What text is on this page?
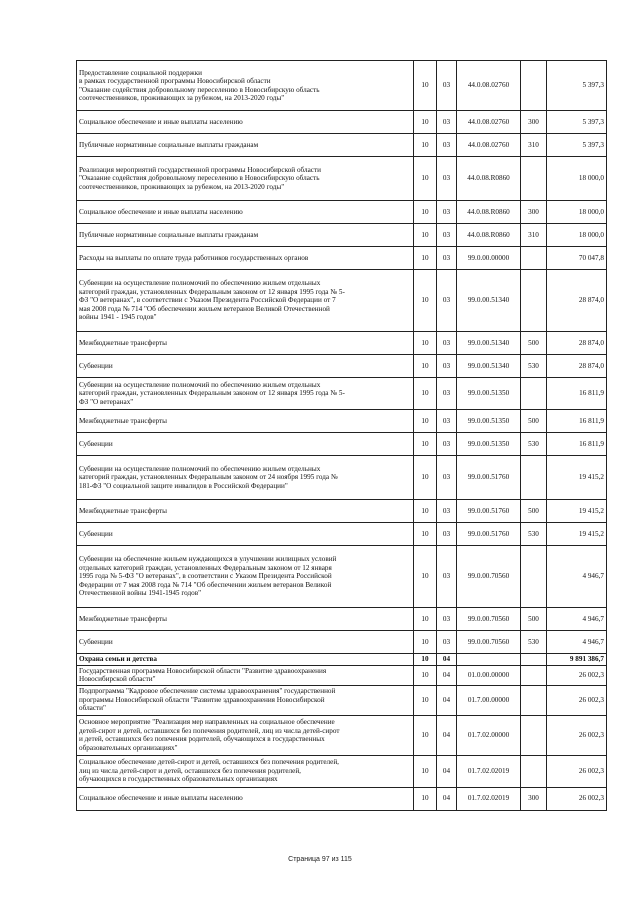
Предоставление социальной поддержки
в рамках государственной программы Новосибирской области
"Оказание содействия добровольному переселению в Новосибирскую область
соотечественников, проживающих за рубежом, на 2013-2020 годы"	10	03	44.0.08.02760		5 397,3
Социальное обеспечение и иные выплаты населению	10	03	44.0.08.02760	300	5 397,3
Публичные нормативные социальные выплаты гражданам	10	03	44.0.08.02760	310	5 397,3
Реализация мероприятий государственной программы Новосибирской области
"Оказание содействия добровольному переселению в Новосибирскую область
соотечественников, проживающих за рубежом, на 2013-2020 годы"	10	03	44.0.08.R0860		18 000,0
Социальное обеспечение и иные выплаты населению	10	03	44.0.08.R0860	300	18 000,0
Публичные нормативные социальные выплаты гражданам	10	03	44.0.08.R0860	310	18 000,0
Расходы на выплаты по оплате труда работников государственных органов	10	03	99.0.00.00000		70 047,8
Субвенции на осуществление полномочий по обеспечению жильем отдельных
категорий граждан, установленных Федеральным законом от 12 января 1995 года № 5-
ФЗ "О ветеранах", в соответствии с Указом Президента Российской Федерации от 7
мая 2008 года № 714 "Об обеспечении жильем ветеранов Великой Отечественной
войны 1941 - 1945 годов"	10	03	99.0.00.51340		28 874,0
Межбюджетные трансферты	10	03	99.0.00.51340	500	28 874,0
Субвенции	10	03	99.0.00.51340	530	28 874,0
Субвенции на осуществление полномочий по обеспечению жильем отдельных
категорий граждан, установленных Федеральным законом от 12 января 1995 года № 5-
ФЗ "О ветеранах"	10	03	99.0.00.51350		16 811,9
Межбюджетные трансферты	10	03	99.0.00.51350	500	16 811,9
Субвенции	10	03	99.0.00.51350	530	16 811,9
Субвенции на осуществление полномочий по обеспечению жильем отдельных
категорий граждан, установленных Федеральным законом от 24 ноября 1995 года №
181-ФЗ "О социальной защите инвалидов в Российской Федерации"	10	03	99.0.00.51760		19 415,2
Межбюджетные трансферты	10	03	99.0.00.51760	500	19 415,2
Субвенции	10	03	99.0.00.51760	530	19 415,2
Субвенции на обеспечение жильем нуждающихся в улучшении жилищных условий
отдельных категорий граждан, установленных Федеральным законом от 12 января
1995 года № 5-ФЗ "О ветеранах", в соответствии с Указом Президента Российской
Федерации от 7 мая 2008 года № 714 "Об обеспечении жильем ветеранов Великой
Отечественной войны 1941-1945 годов"	10	03	99.0.00.70560		4 946,7
Межбюджетные трансферты	10	03	99.0.00.70560	500	4 946,7
Субвенции	10	03	99.0.00.70560	530	4 946,7
Охрана семьи и детства	10	04			9 891 386,7
Государственная программа Новосибирской области "Развитие здравоохранения
Новосибирской области"	10	04	01.0.00.00000		26 002,3
Подпрограмма "Кадровое обеспечение системы здравоохранения" государственной
программы Новосибирской области "Развитие здравоохранения Новосибирской
области"	10	04	01.7.00.00000		26 002,3
Основное мероприятие "Реализация мер направленных на социальное обеспечение
детей-сирот и детей, оставшихся без попечения родителей, лиц из числа детей-сирот
и детей, оставшихся без попечения родителей, обучающихся в государственных
образовательных организациях"	10	04	01.7.02.00000		26 002,3
Социальное обеспечение детей-сирот и детей, оставшихся без попечения родителей,
лиц из числа детей-сирот и детей, оставшихся без попечения родителей,
обучающихся в государственных образовательных организациях	10	04	01.7.02.02019		26 002,3
Социальное обеспечение и иные выплаты населению	10	04	01.7.02.02019	300	26 002,3
Страница 97 из 115
